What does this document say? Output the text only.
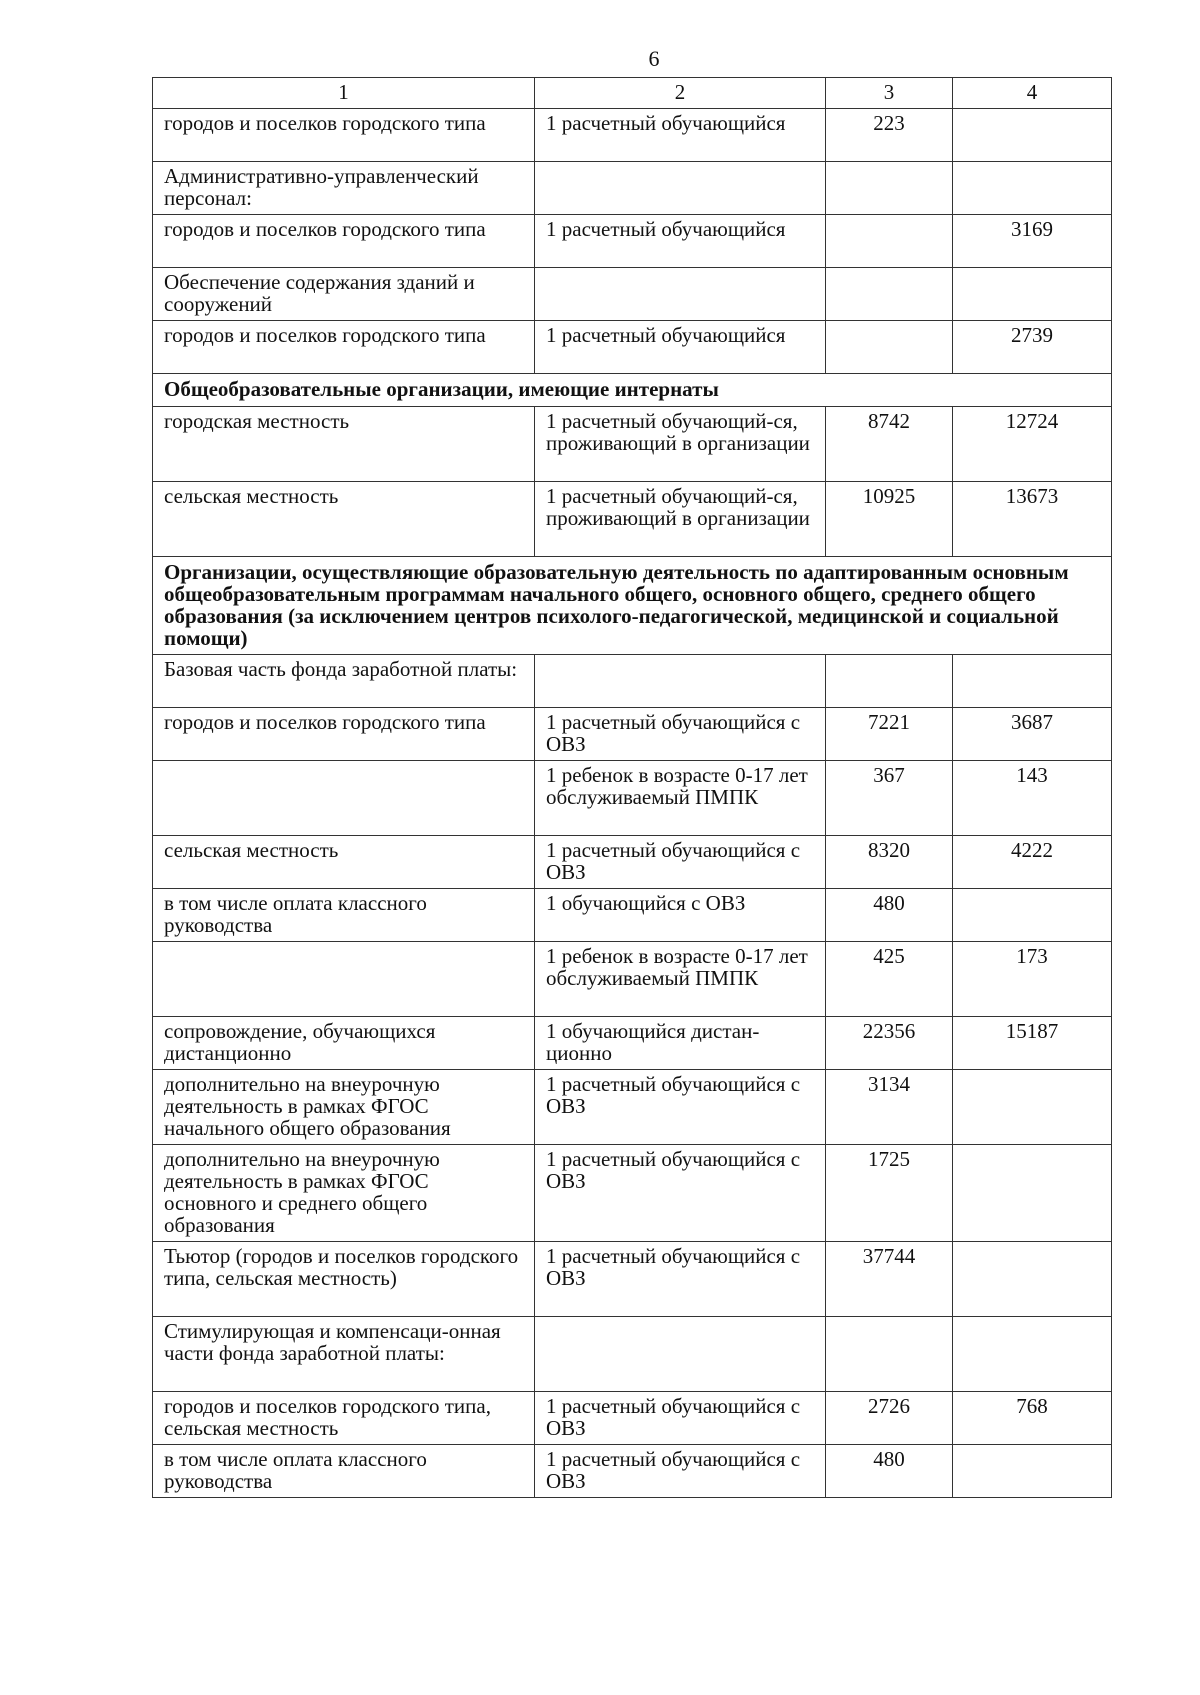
6
1	2	3	4
городов и поселков городского типа	1 расчетный обучающийся	223	
Административно-управленческий персонал:			
городов и поселков городского типа	1 расчетный обучающийся		3169
Обеспечение содержания зданий и сооружений			
городов и поселков городского типа	1 расчетный обучающийся		2739
Общеобразовательные организации, имеющие интернаты			
городская местность	1 расчетный обучающий-ся, проживающий в организации	8742	12724
сельская местность	1 расчетный обучающий-ся, проживающий в организации	10925	13673
Организации, осуществляющие образовательную деятельность по адаптированным основным общеобразовательным программам начального общего, основного общего, среднего общего образования (за исключением центров психолого-педагогической, медицинской и социальной помощи)			
Базовая часть фонда заработной платы:			
городов и поселков городского типа	1 расчетный обучающийся с ОВЗ	7221	3687
	1 ребенок в возрасте 0-17 лет обслуживаемый ПМПК	367	143
сельская местность	1 расчетный обучающийся с ОВЗ	8320	4222
в том числе оплата классного руководства	1 обучающийся с ОВЗ	480	
	1 ребенок в возрасте 0-17 лет обслуживаемый ПМПК	425	173
сопровождение, обучающихся дистанционно	1 обучающийся дистан-ционно	22356	15187
дополнительно на внеурочную деятельность в рамках ФГОС начального общего образования	1 расчетный обучающийся с ОВЗ	3134	
дополнительно на внеурочную деятельность в рамках ФГОС основного и среднего общего образования	1 расчетный обучающийся с ОВЗ	1725	
Тьютор (городов и поселков городского типа, сельская местность)	1 расчетный обучающийся с ОВЗ	37744	
Стимулирующая и компенсаци-онная части фонда заработной платы:			
городов и поселков городского типа, сельская местность	1 расчетный обучающийся с ОВЗ	2726	768
в том числе оплата классного руководства	1 расчетный обучающийся с ОВЗ	480	
